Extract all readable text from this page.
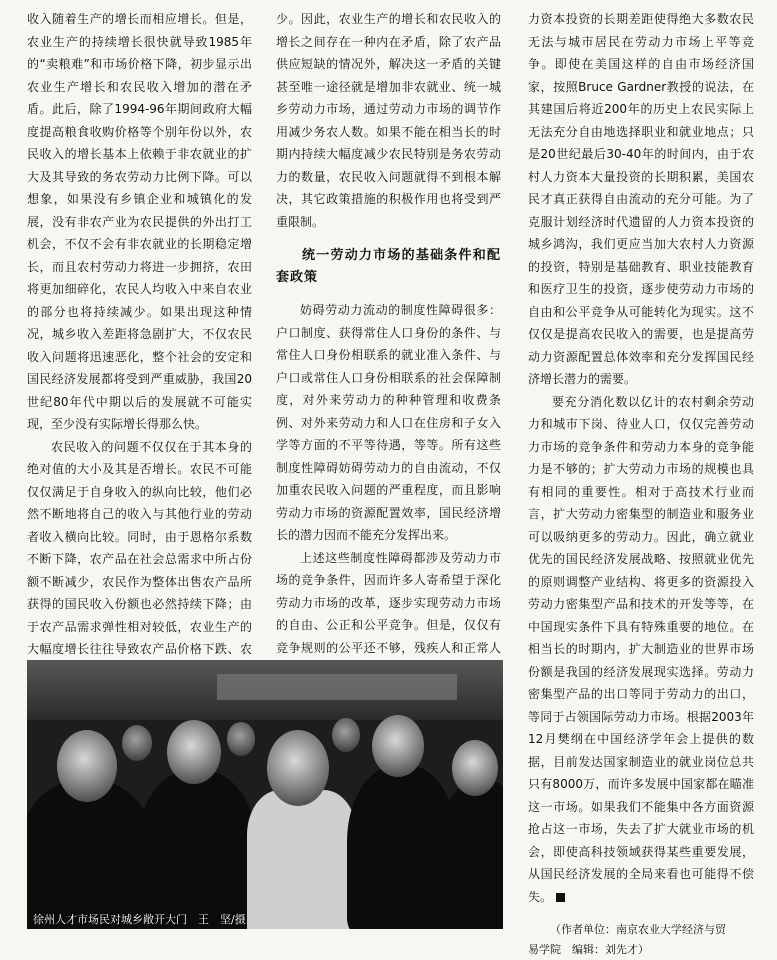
收入随着生产的增长而相应增长。但是，农业生产的持续增长很快就导致1985年的“卖粮难”和市场价格下降，初步显示出农业生产增长和农民收入增加的潜在矛盾。此后，除了1994-96年期间政府大幅度提高粮食收购价格等个别年份以外，农民收入的增长基本上依赖于非农就业的扩大及其导致的务农劳动力比例下降。可以想象，如果没有乡镇企业和城镇化的发展，没有非农产业为农民提供的外出打工机会，不仅不会有非农就业的长期稳定增长，而且农村劳动力将进一步拥挤，农田将更加细碎化，农民人均收入中来自农业的部分也将持续减少。如果出现这种情况，城乡收入差距将急剧扩大，不仅农民收入问题将迅速恶化，整个社会的安定和国民经济发展都将受到严重威胁，我国20世纪80年代中期以后的发展就不可能实现，至少没有实际增长得那么快。

农民收入的问题不仅仅在于其本身的绝对值的大小及其是否增长。农民不可能仅仅满足于自身收入的纵向比较，他们必然不断地将自己的收入与其他行业的劳动者收入横向比较。同时，由于恩格尔系数不断下降，农产品在社会总需求中所占份额不断减少，农民作为整体出售农产品所获得的国民收入份额也必然持续下降；由于农产品需求弹性相对较低，农业生产的大幅度增长往往导致农产品价格下跌、农

少。因此，农业生产的增长和农民收入的增长之间存在一种内在矛盾，除了农产品供应短缺的情况外，解决这一矛盾的关键甚至唯一途径就是增加非农就业、统一城乡劳动力市场，通过劳动力市场的调节作用减少务农人数。如果不能在相当长的时期内持续大幅度减少农民特别是务农劳动力的数量，农民收入问题就得不到根本解决，其它政策措施的积极作用也将受到严重限制。

统一劳动力市场的基础条件和配套政策

妨碍劳动力流动的制度性障碍很多：户口制度、获得常住人口身份的条件、与常住人口身份相联系的就业准入条件、与户口或常住人口身份相联系的社会保障制度，对外来劳动力的种种管理和收费条例、对外来劳动力和人口在住房和子女入学等方面的不平等待遇，等等。所有这些制度性障碍妨碍劳动力的自由流动，不仅加重农民收入问题的严重程度，而且影响劳动力市场的资源配置效率，国民经济增长的潜力因而不能充分发挥出来。

上述这些制度性障碍都涉及劳动力市场的竞争条件，因而许多人寄希望于深化劳动力市场的改革，逐步实现劳动力市场的自由、公正和公平竞争。但是，仅仅有竞争规则的公平还不够，残疾人和正常人

力资本投资的长期差距使得绝大多数农民无法与城市居民在劳动力市场上平等竞争。即使在美国这样的自由市场经济国家，按照Bruce Gardner教授的说法，在其建国后将近200年的历史上农民实际上无法充分自由地选择职业和就业地点；只是20世纪最后30-40年的时间内，由于农村人力资本大量投资的长期积累，美国农民才真正获得自由流动的充分可能。为了克服计划经济时代遗留的人力资本投资的城乡鸿沟，我们更应当加大农村人力资源的投资，特别是基础教育、职业技能教育和医疗卫生的投资，逐步使劳动力市场的自由和公平竞争从可能转化为现实。这不仅仅是提高农民收入的需要，也是提高劳动力资源配置总体效率和充分发挥国民经济增长潜力的需要。

要充分消化数以亿计的农村剩余劳动力和城市下岗、待业人口，仅仅完善劳动力市场的竞争条件和劳动力本身的竞争能力是不够的；扩大劳动力市场的规模也具有相同的重要性。相对于高技术行业而言，扩大劳动力密集型的制造业和服务业可以吸纳更多的劳动力。因此，确立就业优先的国民经济发展战略、按照就业优先的原则调整产业结构、将更多的资源投入劳动力密集型产品和技术的开发等等，在中国现实条件下具有特殊重要的地位。在相当长的时期内，扩大制造业的世界市场份额是我国的经济发展现实选择。劳动力密集型产品的出口等同于劳动力的出口，等同于占领国际劳动力市场。根据2003年12月樊纲在中国经济学年会上提供的数据，目前发达国家制造业的就业岗位总共只有8000万，而许多发展中国家都在瞄准这一市场。如果我们不能集中各方面资源抢占这一市场，失去了扩大就业市场的机会，即使高科技领域获得某些重要发展，从国民经济发展的全局来看也可能得不偿失。

（作者单位：南京农业大学经济与贸
易学院　编辑：刘先才）
徐州人才市场民对城乡敞开大门　王　坚/摄
